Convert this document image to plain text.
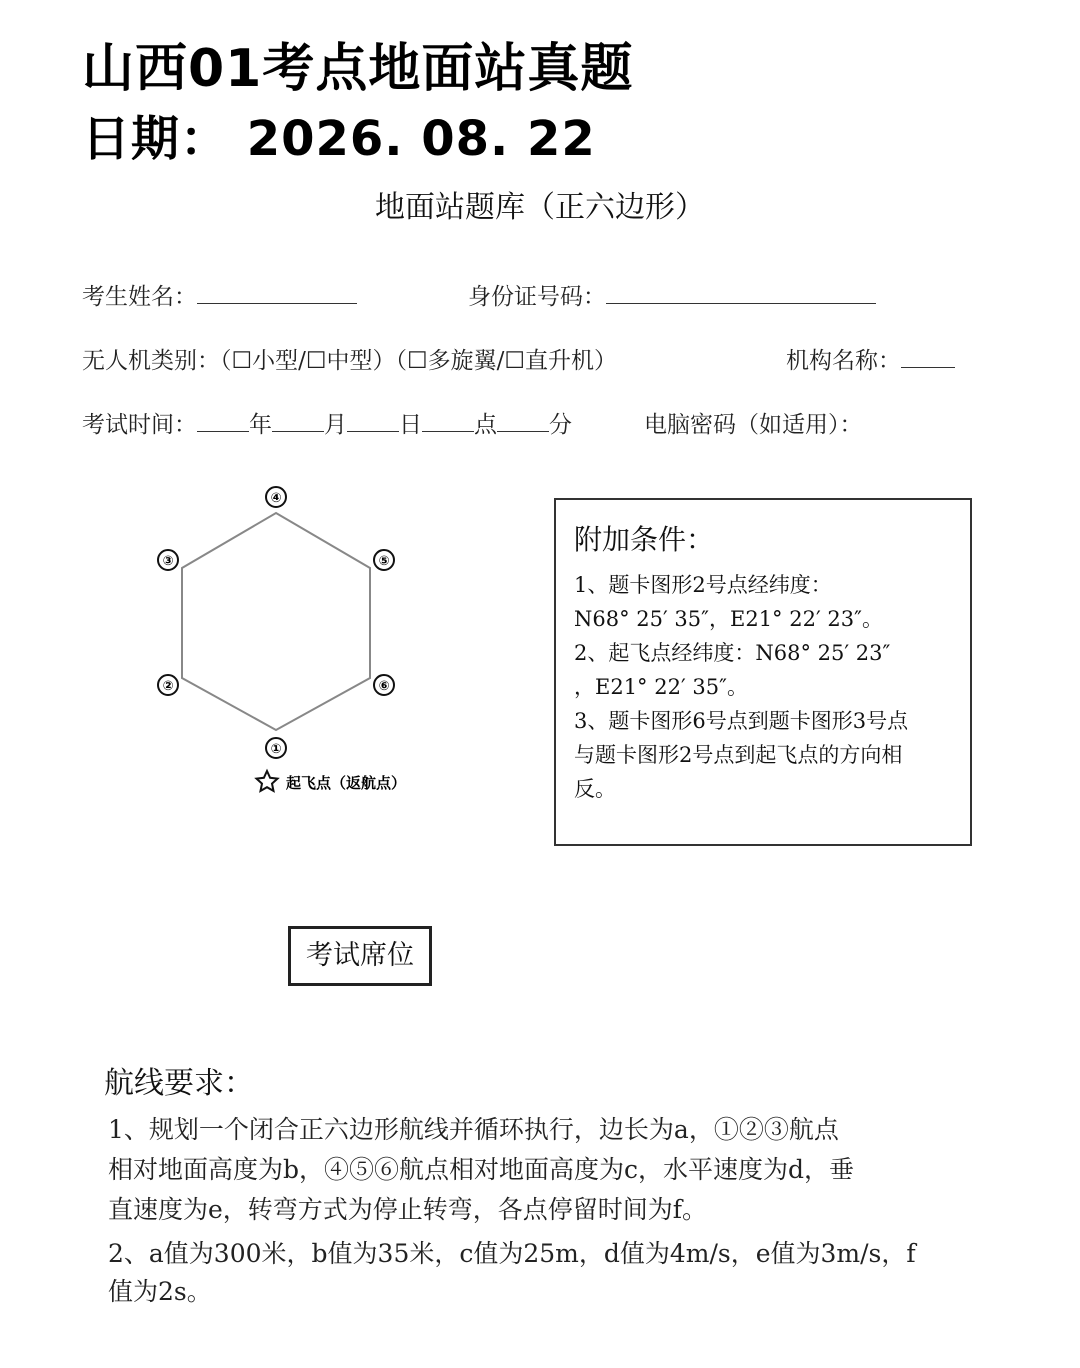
山西01考点地面站真题
日期： 2026. 08. 22
地面站题库（正六边形）
考生姓名：	身份证号码：
无人机类别：（☐小型/☐中型）（☐多旋翼/☐直升机）	机构名称：
考试时间： 年 月 日 点 分	电脑密码（如适用）：
④
③	⑤
②	⑥
①
起飞点（返航点）
附加条件：
1、题卡图形2号点经纬度：
N68° 25′ 35″，E21° 22′ 23″。
2、起飞点经纬度：N68° 25′ 23″
，E21° 22′ 35″。
3、题卡图形6号点到题卡图形3号点
与题卡图形2号点到起飞点的方向相
反。
考试席位
航线要求：
1、规划一个闭合正六边形航线并循环执行，边长为a，①②③航点
相对地面高度为b，④⑤⑥航点相对地面高度为c，水平速度为d，垂
直速度为e，转弯方式为停止转弯，各点停留时间为f。
2、a值为300米，b值为35米，c值为25m，d值为4m/s，e值为3m/s，f
值为2s。
